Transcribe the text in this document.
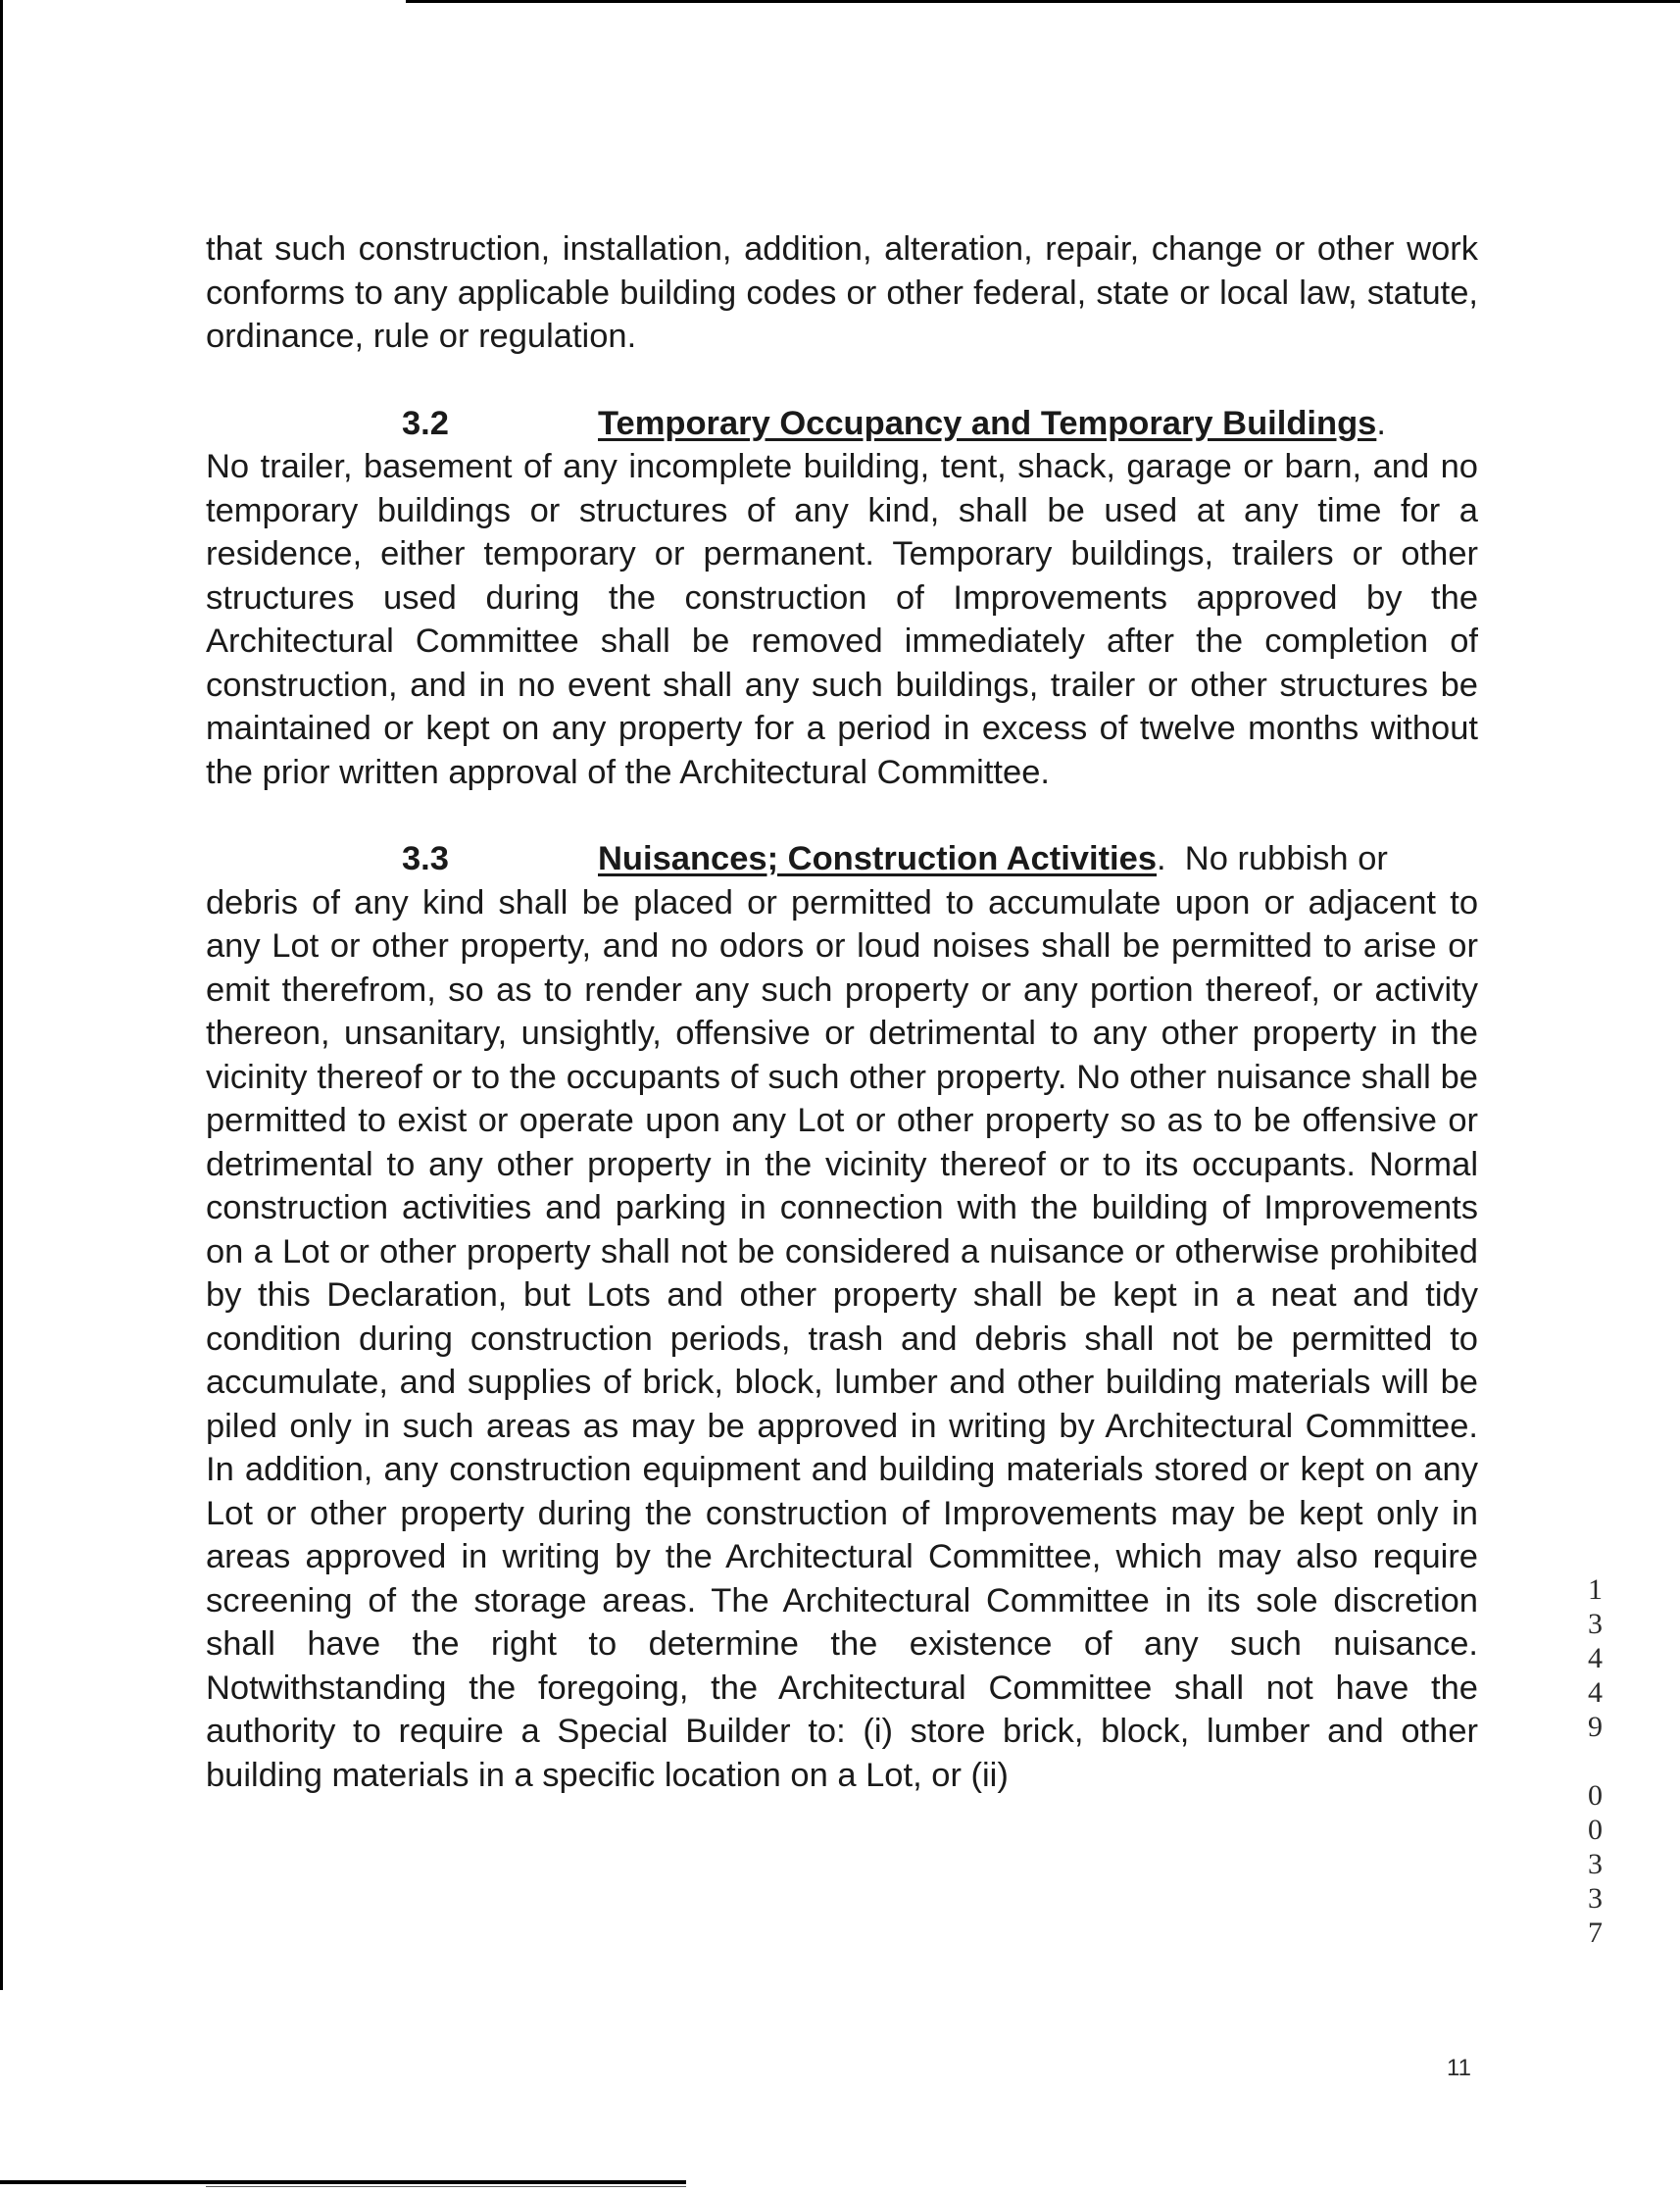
that such construction, installation, addition, alteration, repair, change or other work conforms to any applicable building codes or other federal, state or local law, statute, ordinance, rule or regulation.

3.2	Temporary Occupancy and Temporary Buildings.
No trailer, basement of any incomplete building, tent, shack, garage or barn, and no temporary buildings or structures of any kind, shall be used at any time for a residence, either temporary or permanent. Temporary buildings, trailers or other structures used during the construction of Improvements approved by the Architectural Committee shall be removed immediately after the completion of construction, and in no event shall any such buildings, trailer or other structures be maintained or kept on any property for a period in excess of twelve months without the prior written approval of the Architectural Committee.
3.3	Nuisances; Construction Activities.  No rubbish or
debris of any kind shall be placed or permitted to accumulate upon or adjacent to any Lot or other property, and no odors or loud noises shall be permitted to arise or emit therefrom, so as to render any such property or any portion thereof, or activity thereon, unsanitary, unsightly, offensive or detrimental to any other property in the vicinity thereof or to the occupants of such other property. No other nuisance shall be permitted to exist or operate upon any Lot or other property so as to be offensive or detrimental to any other property in the vicinity thereof or to its occupants. Normal construction activities and parking in connection with the building of Improvements on a Lot or other property shall not be considered a nuisance or otherwise prohibited by this Declaration, but Lots and other property shall be kept in a neat and tidy condition during construction periods, trash and debris shall not be permitted to accumulate, and supplies of brick, block, lumber and other building materials will be piled only in such areas as may be approved in writing by Architectural Committee. In addition, any construction equipment and building materials stored or kept on any Lot or other property during the construction of Improvements may be kept only in areas approved in writing by the Architectural Committee, which may also require screening of the storage areas. The Architectural Committee in its sole discretion shall have the right to determine the existence of any such nuisance. Notwithstanding the foregoing, the Architectural Committee shall not have the authority to require a Special Builder to: (i) store brick, block, lumber and other building materials in a specific location on a Lot, or (ii)	13449 00337
11
